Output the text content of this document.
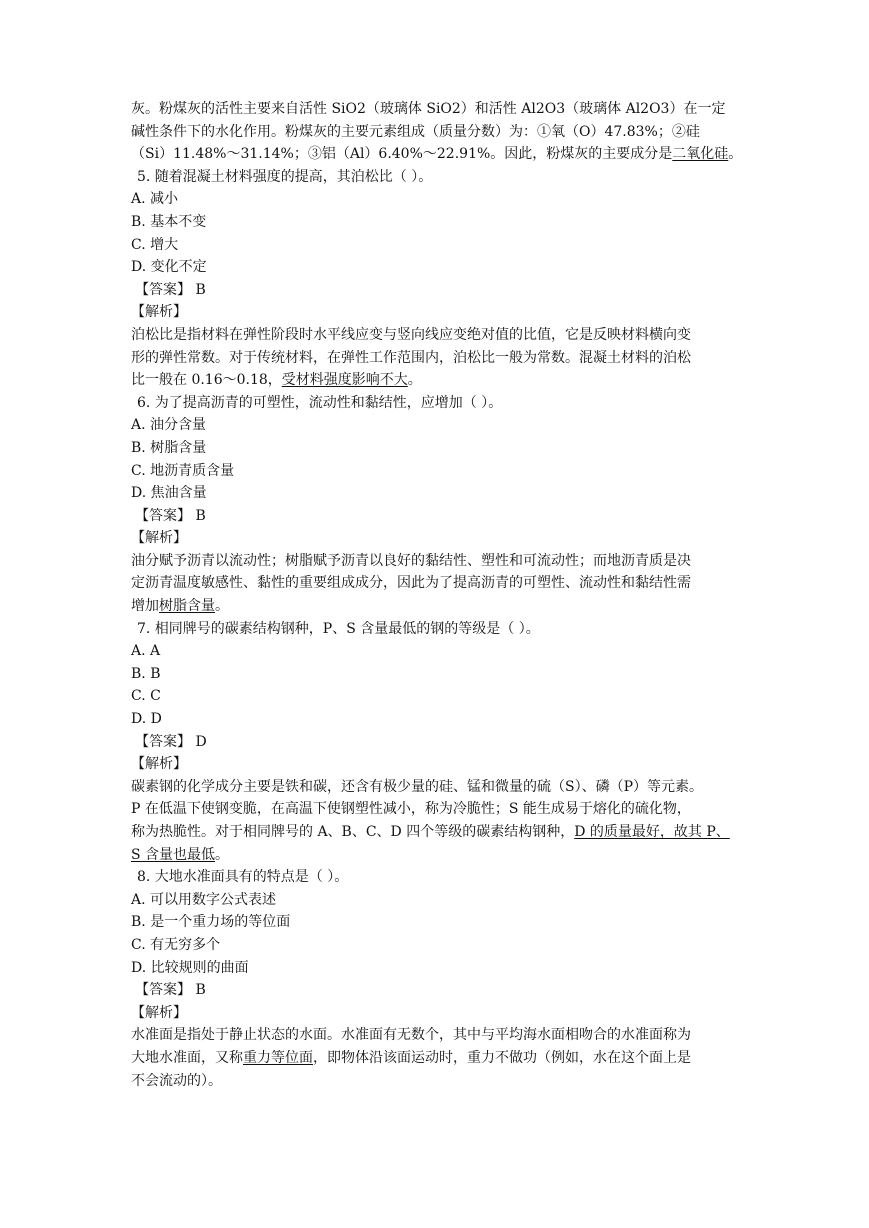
灰。粉煤灰的活性主要来自活性 SiO2（玻璃体 SiO2）和活性 Al2O3（玻璃体 Al2O3）在一定
碱性条件下的水化作用。粉煤灰的主要元素组成（质量分数）为：①氧（O）47.83%；②硅
（Si）11.48%～31.14%；③铝（Al）6.40%～22.91%。因此，粉煤灰的主要成分是二氧化硅。
5. 随着混凝土材料强度的提高，其泊松比（ ）。
A. 减小
B. 基本不变
C. 增大
D. 变化不定
【答案】 B
【解析】
泊松比是指材料在弹性阶段时水平线应变与竖向线应变绝对值的比值，它是反映材料横向变
形的弹性常数。对于传统材料，在弹性工作范围内，泊松比一般为常数。混凝土材料的泊松
比一般在 0.16～0.18，受材料强度影响不大。
6. 为了提高沥青的可塑性，流动性和黏结性，应增加（ ）。
A. 油分含量
B. 树脂含量
C. 地沥青质含量
D. 焦油含量
【答案】 B
【解析】
油分赋予沥青以流动性；树脂赋予沥青以良好的黏结性、塑性和可流动性；而地沥青质是决
定沥青温度敏感性、黏性的重要组成成分，因此为了提高沥青的可塑性、流动性和黏结性需
增加树脂含量。
7. 相同牌号的碳素结构钢种，P、S 含量最低的钢的等级是（ ）。
A. A
B. B
C. C
D. D
【答案】 D
【解析】
碳素钢的化学成分主要是铁和碳，还含有极少量的硅、锰和微量的硫（S）、磷（P）等元素。
P 在低温下使钢变脆，在高温下使钢塑性减小，称为冷脆性；S 能生成易于熔化的硫化物，
称为热脆性。对于相同牌号的 A、B、C、D 四个等级的碳素结构钢种，D 的质量最好，故其 P、
S 含量也最低。
8. 大地水准面具有的特点是（ ）。
A. 可以用数字公式表述
B. 是一个重力场的等位面
C. 有无穷多个
D. 比较规则的曲面
【答案】 B
【解析】
水准面是指处于静止状态的水面。水准面有无数个，其中与平均海水面相吻合的水准面称为
大地水准面，又称重力等位面，即物体沿该面运动时，重力不做功（例如，水在这个面上是
不会流动的）。
